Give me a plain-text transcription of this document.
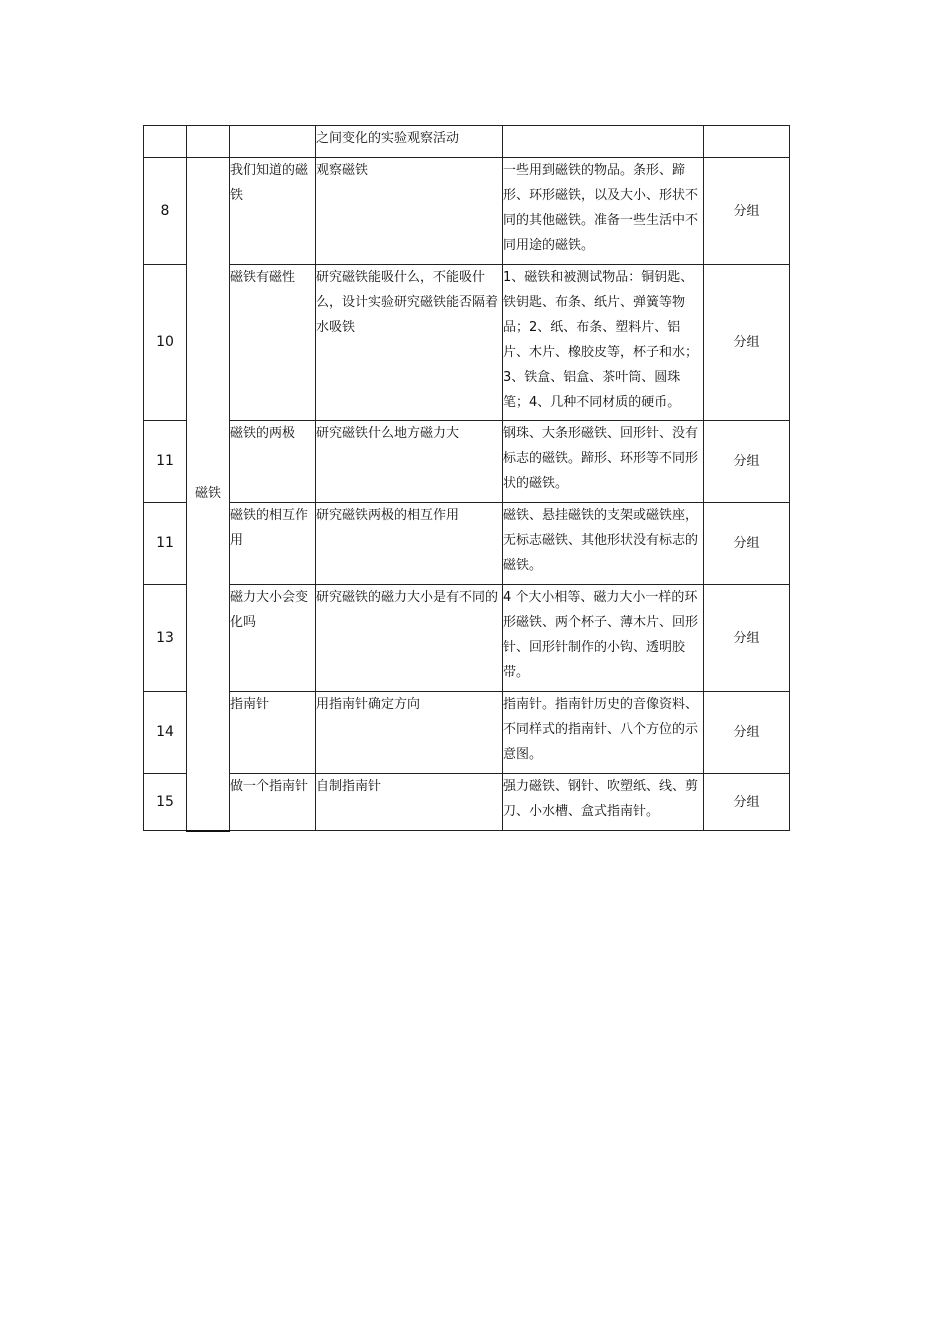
			之间变化的实验观察活动		

8	磁铁	我们知道的磁铁	观察磁铁	一些用到磁铁的物品。条形、蹄形、环形磁铁，以及大小、形状不同的其他磁铁。准备一些生活中不同用途的磁铁。	分组

10		磁铁有磁性	研究磁铁能吸什么，不能吸什么，设计实验研究磁铁能否隔着水吸铁	1、磁铁和被测试物品：铜钥匙、铁钥匙、布条、纸片、弹簧等物品；2、纸、布条、塑料片、铝片、木片、橡胶皮等，杯子和水；3、铁盒、铝盒、茶叶筒、圆珠笔；4、几种不同材质的硬币。	分组

11		磁铁的两极	研究磁铁什么地方磁力大	钢珠、大条形磁铁、回形针、没有标志的磁铁。蹄形、环形等不同形状的磁铁。	分组

11		磁铁的相互作用	研究磁铁两极的相互作用	磁铁、悬挂磁铁的支架或磁铁座，无标志磁铁、其他形状没有标志的磁铁。	分组

13		磁力大小会变化吗	研究磁铁的磁力大小是有不同的	4 个大小相等、磁力大小一样的环形磁铁、两个杯子、薄木片、回形针、回形针制作的小钩、透明胶带。	分组

14		指南针	用指南针确定方向	指南针。指南针历史的音像资料、不同样式的指南针、八个方位的示意图。	分组

15		做一个指南针	自制指南针	强力磁铁、钢针、吹塑纸、线、剪刀、小水槽、盒式指南针。	分组
